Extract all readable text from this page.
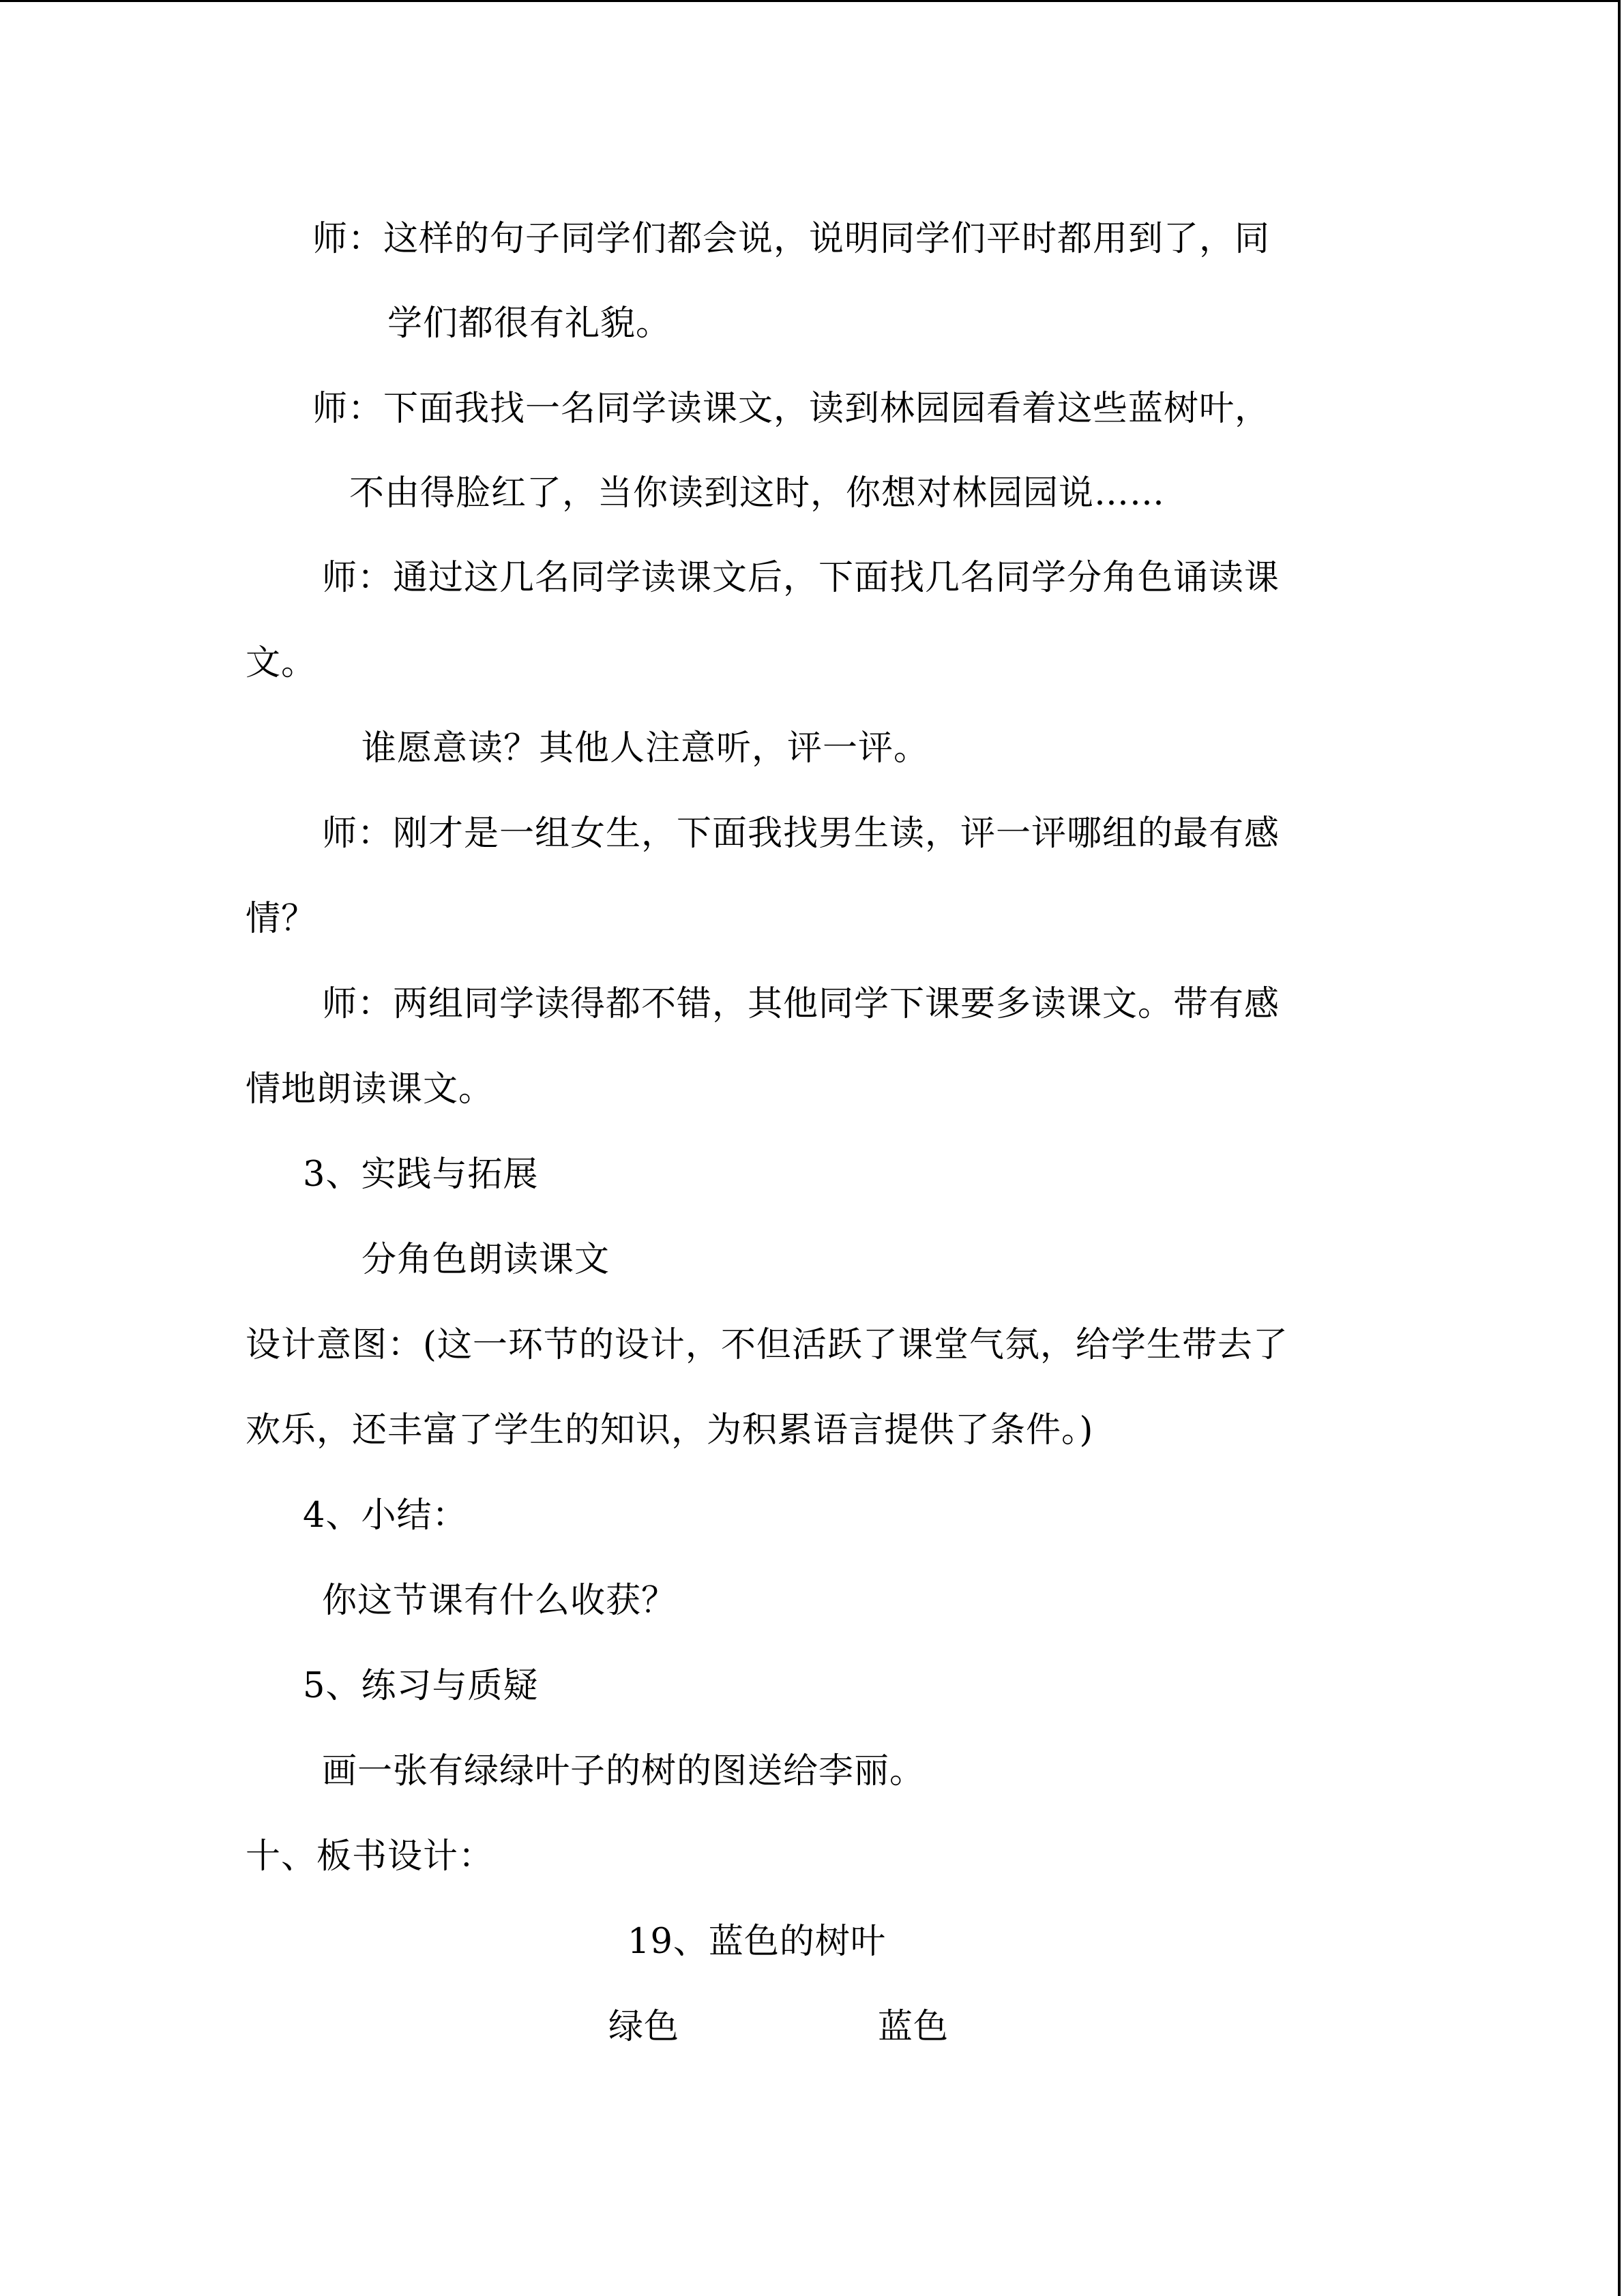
师：这样的句子同学们都会说，说明同学们平时都用到了，同
学们都很有礼貌。
师：下面我找一名同学读课文，读到林园园看着这些蓝树叶，
不由得脸红了，当你读到这时，你想对林园园说……
师：通过这几名同学读课文后，下面找几名同学分角色诵读课
文。
谁愿意读？其他人注意听，评一评。
师：刚才是一组女生，下面我找男生读，评一评哪组的最有感
情？
师：两组同学读得都不错，其他同学下课要多读课文。带有感
情地朗读课文。
3、实践与拓展
分角色朗读课文
设计意图：(这一环节的设计，不但活跃了课堂气氛，给学生带去了
欢乐，还丰富了学生的知识，为积累语言提供了条件。)
4、小结：
你这节课有什么收获？
5、练习与质疑
画一张有绿绿叶子的树的图送给李丽。
十、板书设计：
19、蓝色的树叶
绿色	蓝色
